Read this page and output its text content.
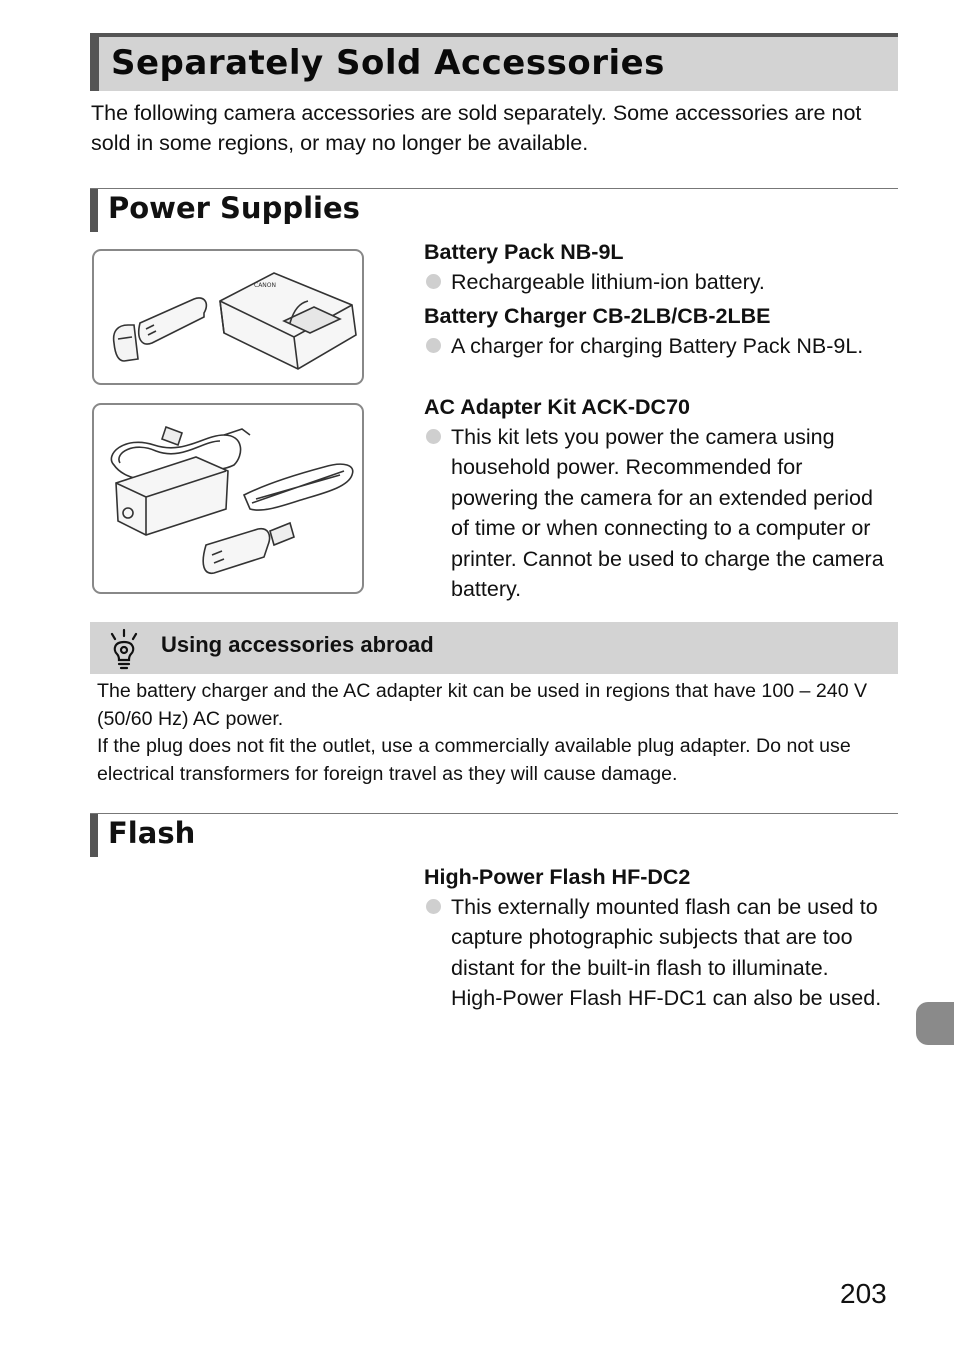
Separately Sold Accessories

The following camera accessories are sold separately. Some accessories are not sold in some regions, or may no longer be available.

Power Supplies
CANON
Battery Pack NB-9L
Rechargeable lithium-ion battery.
Battery Charger CB-2LB/CB-2LBE
A charger for charging Battery Pack NB-9L.
AC Adapter Kit ACK-DC70
This kit lets you power the camera using household power. Recommended for powering the camera for an extended period of time or when connecting to a computer or printer. Cannot be used to charge the camera battery.
Using accessories abroad

The battery charger and the AC adapter kit can be used in regions that have 100 – 240 V (50/60 Hz) AC power.

If the plug does not fit the outlet, use a commercially available plug adapter. Do not use electrical transformers for foreign travel as they will cause damage.

Flash
High-Power Flash HF-DC2
This externally mounted flash can be used to capture photographic subjects that are too distant for the built-in flash to illuminate.
High-Power Flash HF-DC1 can also be used.
203
